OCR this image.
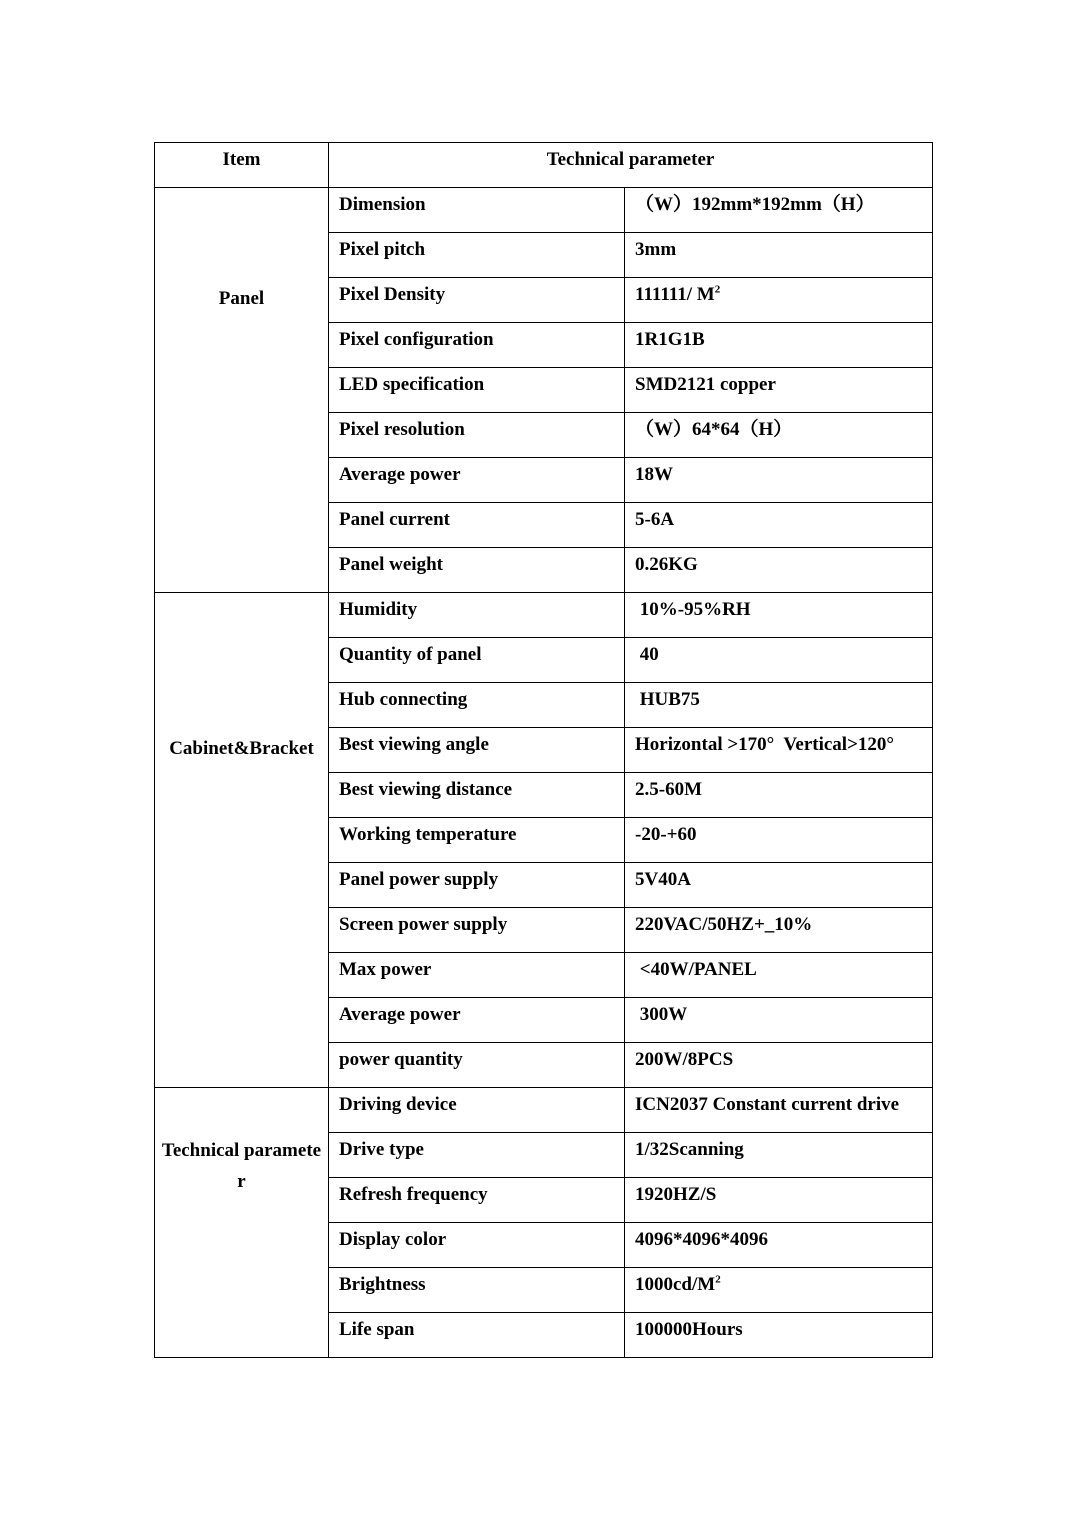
Item	Technical parameter	

Panel	Dimension	（W）192mm*192mm（H）

	Pixel pitch	3mm

	Pixel Density	111111/ $M^2$

	Pixel configuration	1R1G1B

	LED specification	SMD2121 copper

	Pixel resolution	（W）64*64（H）

	Average power	18W

	Panel current	5-6A

	Panel weight	0.26KG

Cabinet&Bracket	Humidity	10%-95%RH

	Quantity of panel	40

	Hub connecting	HUB75

	Best viewing angle	Horizontal >170°  Vertical>120°

	Best viewing distance	2.5-60M

	Working temperature	-20-+60

	Panel power supply	5V40A

	Screen power supply	220VAC/50HZ+_10%

	Max power	<40W/PANEL

	Average power	300W

	power quantity	200W/8PCS

Technical parameter	Driving device	ICN2037 Constant current drive

	Drive type	1/32Scanning

	Refresh frequency	1920HZ/S

	Display color	4096*4096*4096

	Brightness	$1000cd/M^2$

	Life span	100000Hours
